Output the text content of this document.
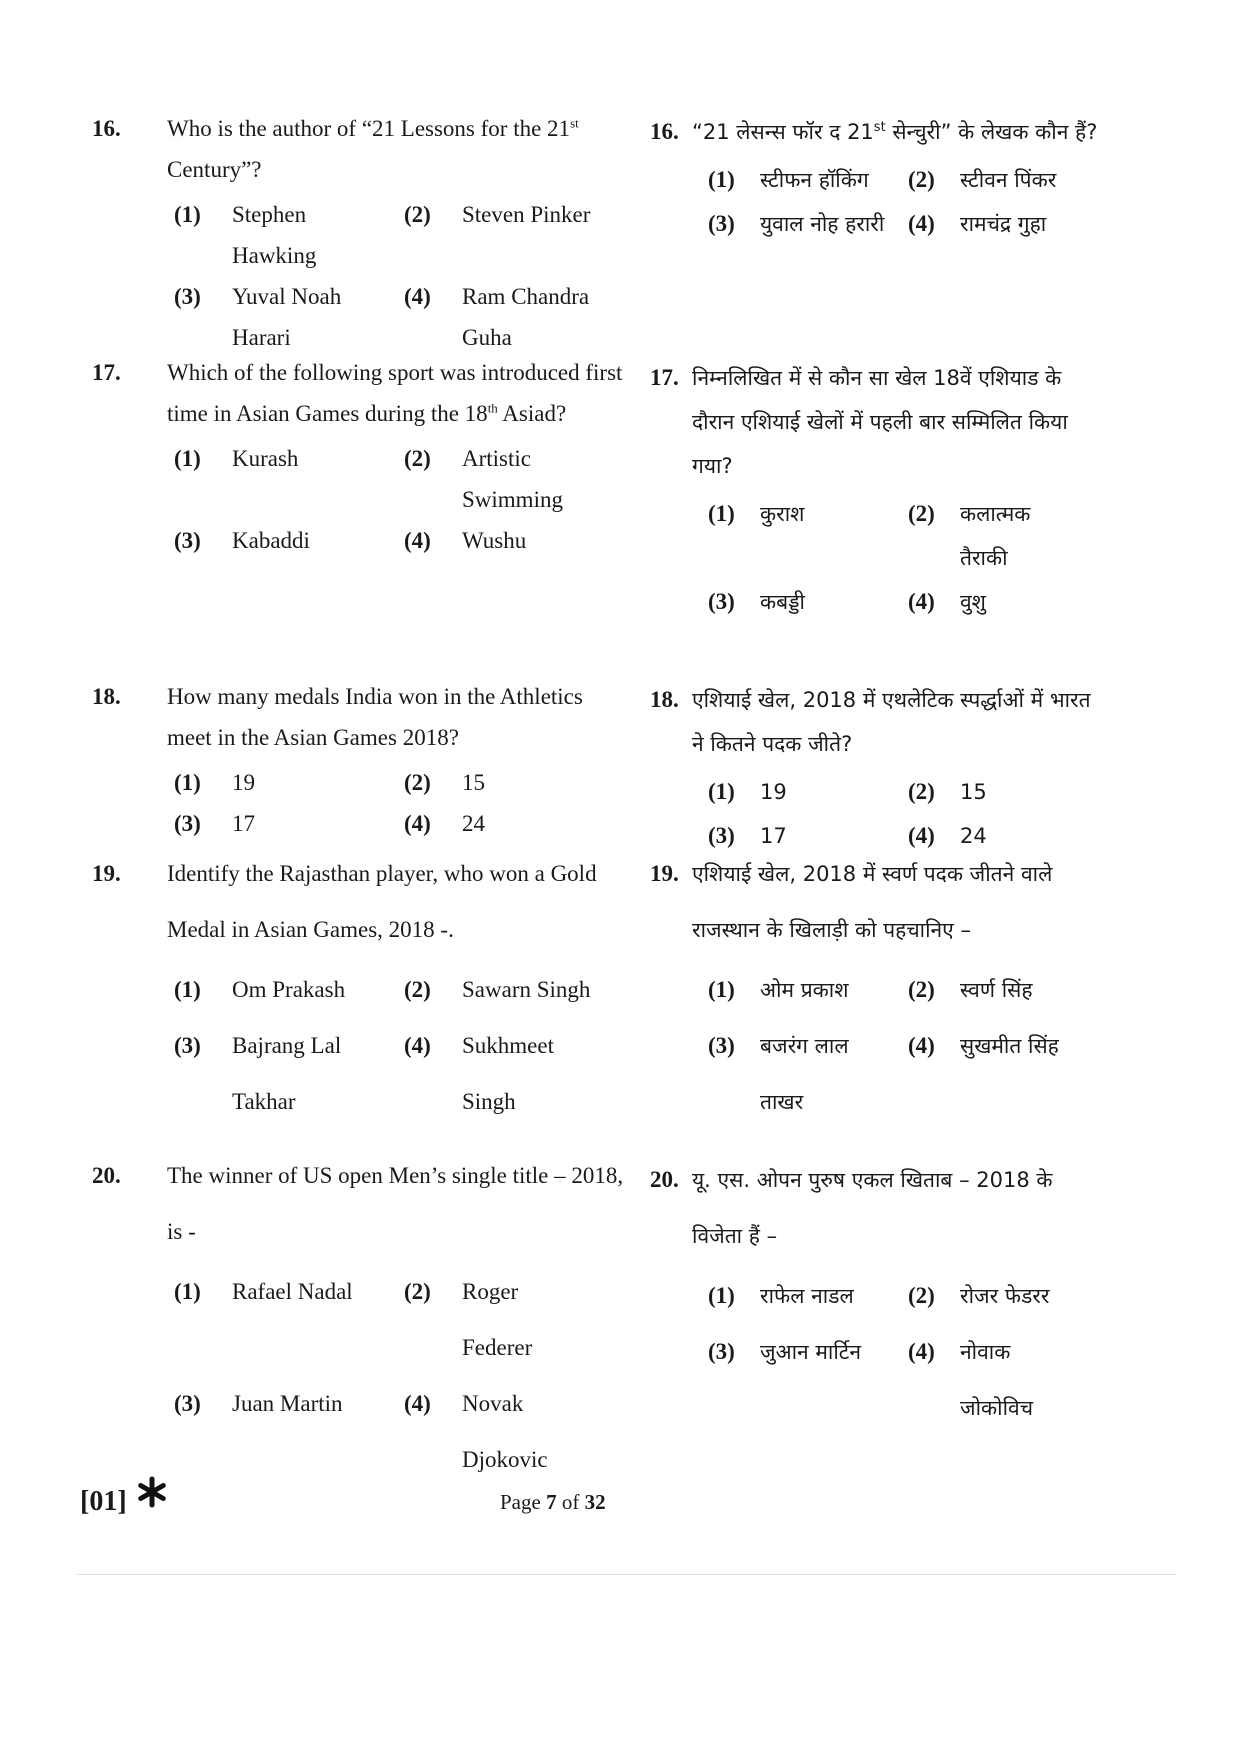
16. Who is the author of “21 Lessons for the 21st Century”?
(1)	Stephen Hawking
(2)	Steven Pinker
(3)	Yuval Noah Harari
(4)	Ram Chandra Guha
16. “21 लेसन्स फॉर द 21st सेन्चुरी” के लेखक कौन हैं?
(1)	स्टीफन हॉकिंग	(2)	स्टीवन पिंकर
(3)	युवाल नोह हरारी	(4)	रामचंद्र गुहा
17. Which of the following sport was introduced first time in Asian Games during the 18th Asiad?
(1)	Kurash	(2)	Artistic Swimming
(3)	Kabaddi	(4)	Wushu
17. निम्नलिखित में से कौन सा खेल 18वें एशियाड के दौरान एशियाई खेलों में पहली बार सम्मिलित किया गया?
(1)	कुराश	(2)	कलात्मक तैराकी
(3)	कबड्डी	(4)	वुशु
18. How many medals India won in the Athletics meet in the Asian Games 2018?
(1)	19	(2)	15
(3)	17	(4)	24
18. एशियाई खेल, 2018 में एथलेटिक स्पर्द्धाओं में भारत ने कितने पदक जीते?
(1)	19	(2)	15
(3)	17	(4)	24
19. Identify the Rajasthan player, who won a Gold Medal in Asian Games, 2018 -.
(1)	Om Prakash	(2)	Sawarn Singh
(3)	Bajrang Lal Takhar
(4)	Sukhmeet Singh
19. एशियाई खेल, 2018 में स्वर्ण पदक जीतने वाले राजस्थान के खिलाड़ी को पहचानिए –
(1)	ओम प्रकाश	(2)	स्वर्ण सिंह
(3)	बजरंग लाल ताखर
(4)	सुखमीत सिंह
20. The winner of US open Men’s single title – 2018, is -
(1)	Rafael Nadal	(2)	Roger Federer
(3)	Juan Martin	(4)	Novak Djokovic
20. यू. एस. ओपन पुरुष एकल खिताब – 2018 के विजेता हैं –
(1)	राफेल नाडल	(2)	रोजर फेडरर
(3)	जुआन मार्टिन	(4)	नोवाक जोकोविच
[01]	Page 7 of 32
